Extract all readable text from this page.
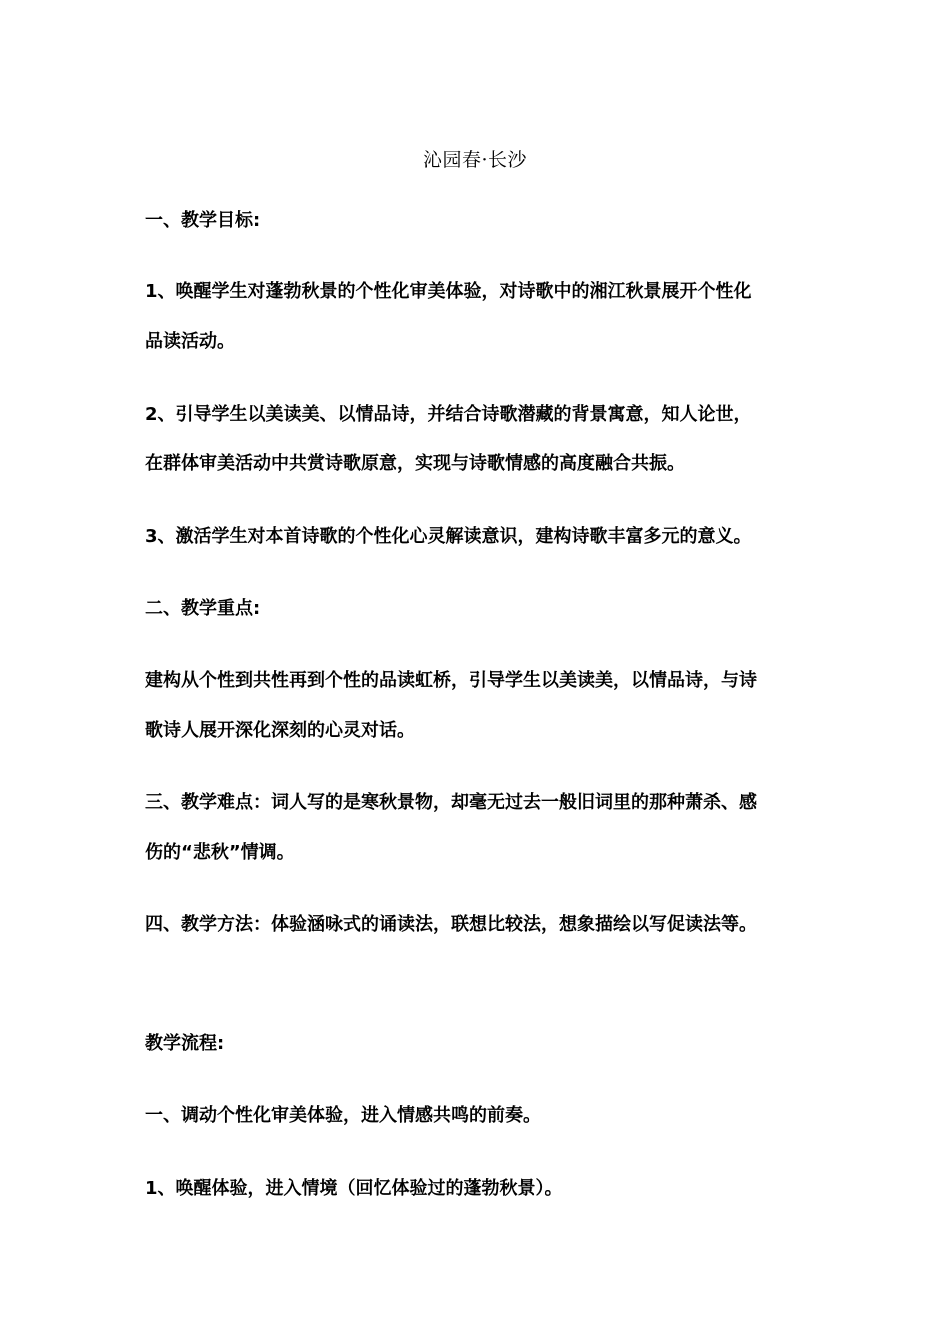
沁园春·长沙
一、教学目标:
1、唤醒学生对蓬勃秋景的个性化审美体验，对诗歌中的湘江秋景展开个性化
品读活动。
2、引导学生以美读美、以情品诗，并结合诗歌潜藏的背景寓意，知人论世，
在群体审美活动中共赏诗歌原意，实现与诗歌情感的高度融合共振。
3、激活学生对本首诗歌的个性化心灵解读意识，建构诗歌丰富多元的意义。
二、教学重点:
建构从个性到共性再到个性的品读虹桥，引导学生以美读美，以情品诗，与诗
歌诗人展开深化深刻的心灵对话。
三、教学难点：词人写的是寒秋景物，却毫无过去一般旧词里的那种萧杀、感
伤的“悲秋”情调。
四、教学方法：体验涵咏式的诵读法，联想比较法，想象描绘以写促读法等。
教学流程:
一、调动个性化审美体验，进入情感共鸣的前奏。
1、唤醒体验，进入情境（回忆体验过的蓬勃秋景）。
